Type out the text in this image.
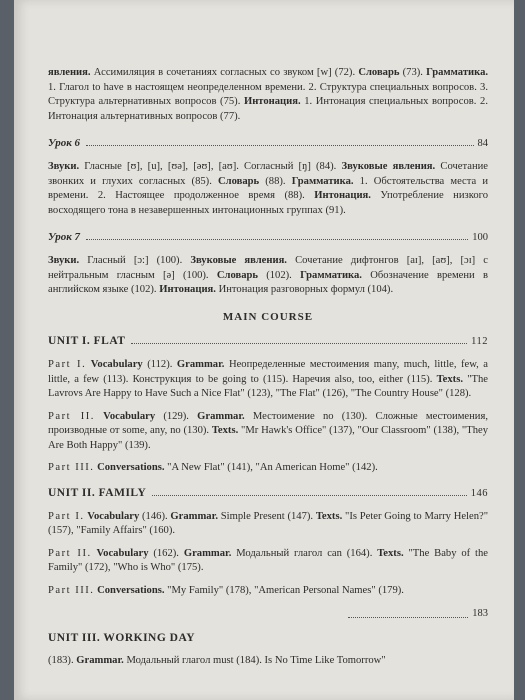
явления. Ассимиляция в сочетаниях согласных со звуком [w] (72). Словарь (73). Грамматика. 1. Глагол to have в настоящем неопределенном времени. 2. Структура специальных вопросов. 3. Структура альтернативных вопросов (75). Интонация. 1. Интонация специальных вопросов. 2. Интонация альтернативных вопросов (77).

Урок 6	84

Звуки. Гласные [ʊ], [u], [ʊə], [əʊ], [aʊ]. Согласный [ŋ] (84). Звуковые явления. Сочетание звонких и глухих согласных (85). Словарь (88). Грамматика. 1. Обстоятельства места и времени. 2. Настоящее продолженное время (88). Интонация. Употребление низкого восходящего тона в незавершенных интонационных группах (91).

Урок 7	100

Звуки. Гласный [ɔ:] (100). Звуковые явления. Сочетание дифтонгов [aɪ], [aʊ], [ɔɪ] с нейтральным гласным [ə] (100). Словарь (102). Грамматика. Обозначение времени в английском языке (102). Интонация. Интонация разговорных формул (104).

MAIN COURSE
UNIT I. FLAT	112

Part I. Vocabulary (112). Grammar. Неопределенные местоимения many, much, little, few, a little, a few (113). Конструкция to be going to (115). Наречия also, too, either (115). Texts. "The Lavrovs Are Happy to Have Such a Nice Flat" (123), "The Flat" (126), "The Country House" (128).

Part II. Vocabulary (129). Grammar. Местоимение no (130). Сложные местоимения, производные от some, any, no (130). Texts. "Mr Hawk's Office" (137), "Our Classroom" (138), "They Are Both Happy" (139).

Part III. Conversations. "A New Flat" (141), "An American Home" (142).

UNIT II. FAMILY	146

Part I. Vocabulary (146). Grammar. Simple Present (147). Texts. "Is Peter Going to Marry Helen?" (157), "Family Affairs" (160).

Part II. Vocabulary (162). Grammar. Модальный глагол can (164). Texts. "The Baby of the Family" (172), "Who is Who" (175).

Part III. Conversations. "My Family" (178), "American Personal Names" (179).

183
UNIT III. WORKING DAY

(183). Grammar. Модальный глагол must (184). Is No Time Like Tomorrow"
